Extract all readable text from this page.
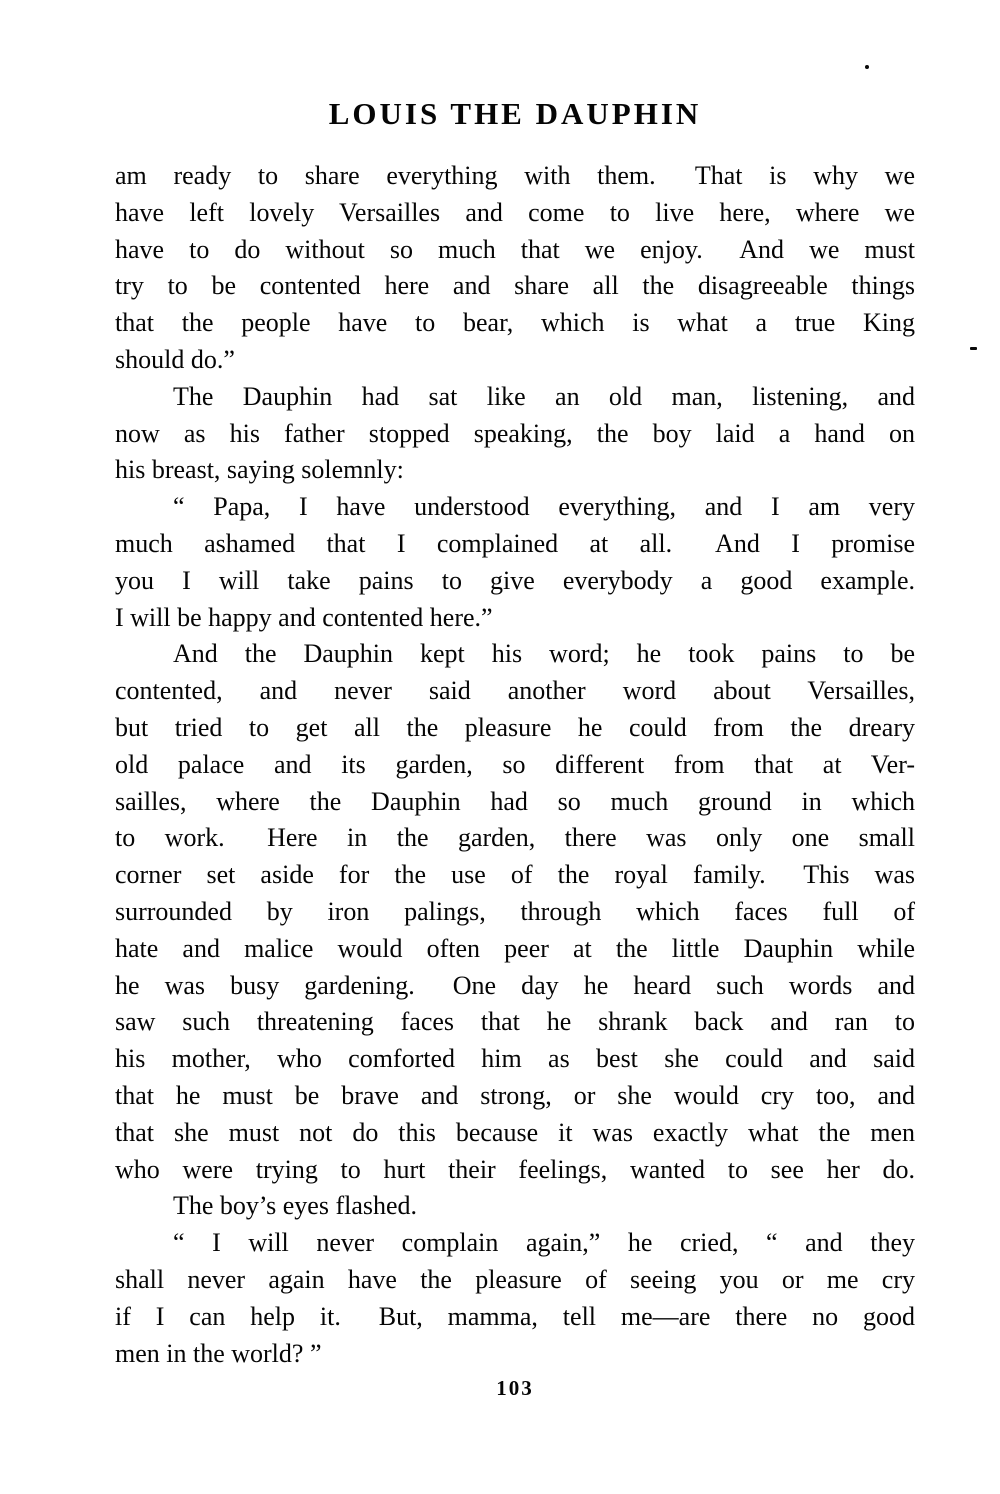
LOUIS THE DAUPHIN
am ready to share everything with them.  That is why we
have left lovely Versailles and come to live here, where we
have to do without so much that we enjoy.  And we must
try to be contented here and share all the disagreeable things
that the people have to bear, which is what a true King
should do.”
The Dauphin had sat like an old man, listening, and
now as his father stopped speaking, the boy laid a hand on
his breast, saying solemnly:
“ Papa, I have understood everything, and I am very
much ashamed that I complained at all.  And I promise
you I will take pains to give everybody a good example.
I will be happy and contented here.”
And the Dauphin kept his word; he took pains to be
contented, and never said another word about Versailles,
but tried to get all the pleasure he could from the dreary
old palace and its garden, so different from that at Ver-
sailles, where the Dauphin had so much ground in which
to work.  Here in the garden, there was only one small
corner set aside for the use of the royal family.  This was
surrounded by iron palings, through which faces full of
hate and malice would often peer at the little Dauphin while
he was busy gardening.  One day he heard such words and
saw such threatening faces that he shrank back and ran to
his mother, who comforted him as best she could and said
that he must be brave and strong, or she would cry too, and
that she must not do this because it was exactly what the men
who were trying to hurt their feelings, wanted to see her do.
The boy’s eyes flashed.
“ I will never complain again,” he cried, “ and they
shall never again have the pleasure of seeing you or me cry
if I can help it.  But, mamma, tell me—are there no good
men in the world? ”
103
